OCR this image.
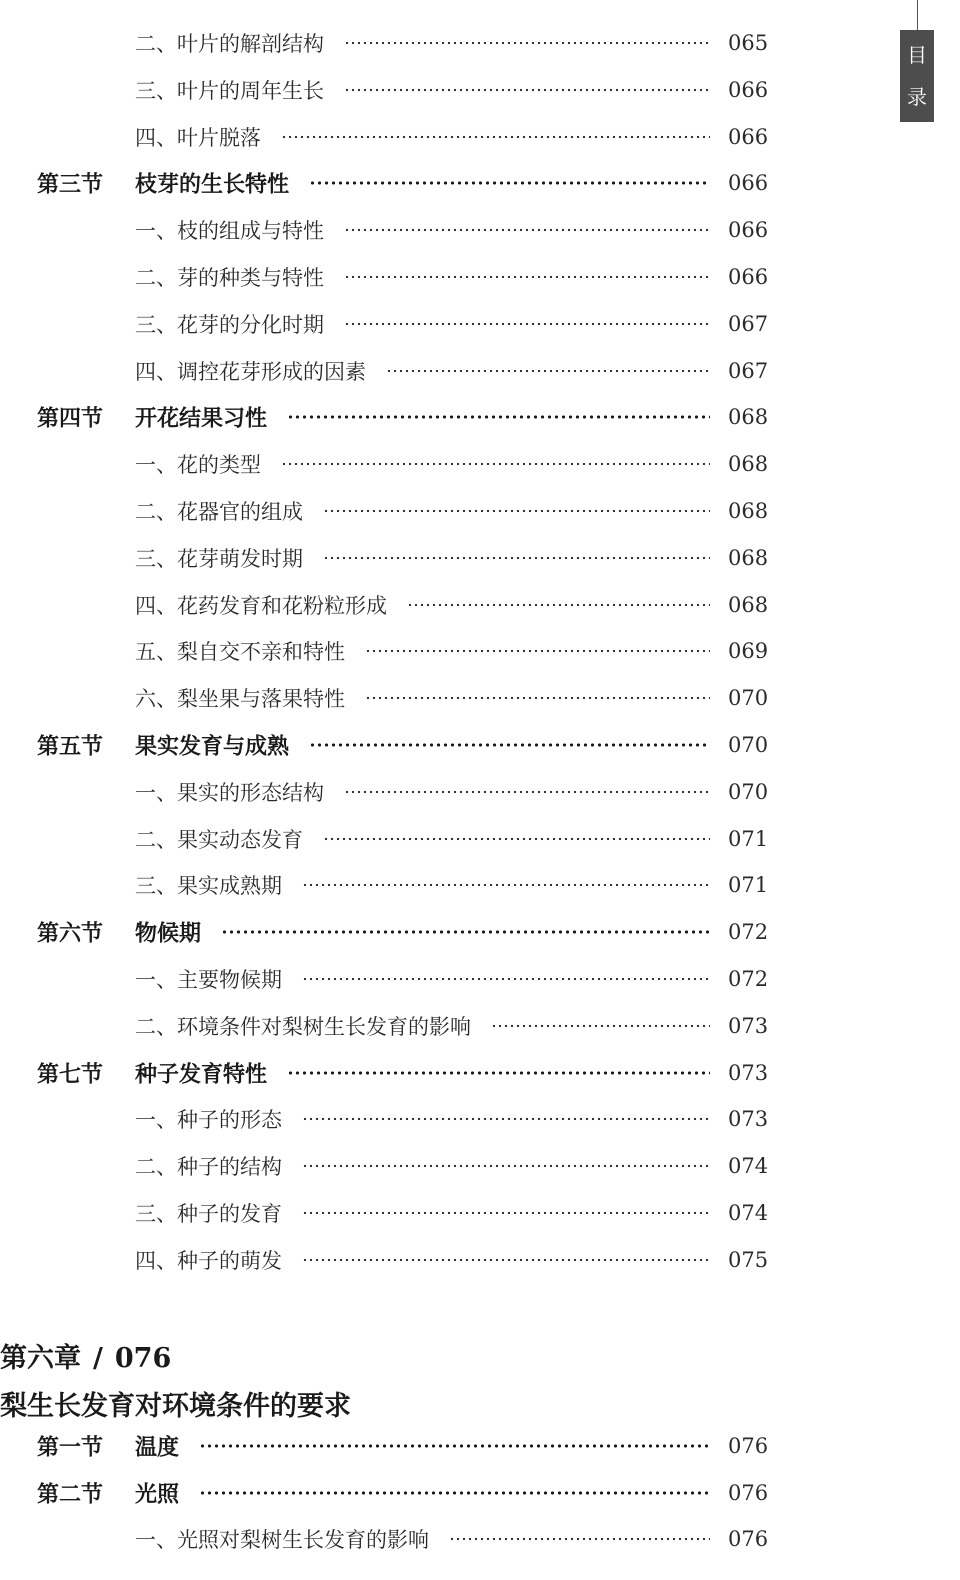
目
录
二、叶片的解剖结构	065
三、叶片的周年生长	066
四、叶片脱落	066
第三节 枝芽的生长特性	066
一、枝的组成与特性	066
二、芽的种类与特性	066
三、花芽的分化时期	067
四、调控花芽形成的因素	067
第四节 开花结果习性	068
一、花的类型	068
二、花器官的组成	068
三、花芽萌发时期	068
四、花药发育和花粉粒形成	068
五、梨自交不亲和特性	069
六、梨坐果与落果特性	070
第五节 果实发育与成熟	070
一、果实的形态结构	070
二、果实动态发育	071
三、果实成熟期	071
第六节 物候期	072
一、主要物候期	072
二、环境条件对梨树生长发育的影响	073
第七节 种子发育特性	073
一、种子的形态	073
二、种子的结构	074
三、种子的发育	074
四、种子的萌发	075
第六章 / 076
梨生长发育对环境条件的要求
第一节 温度	076
第二节 光照	076
一、光照对梨树生长发育的影响	076
